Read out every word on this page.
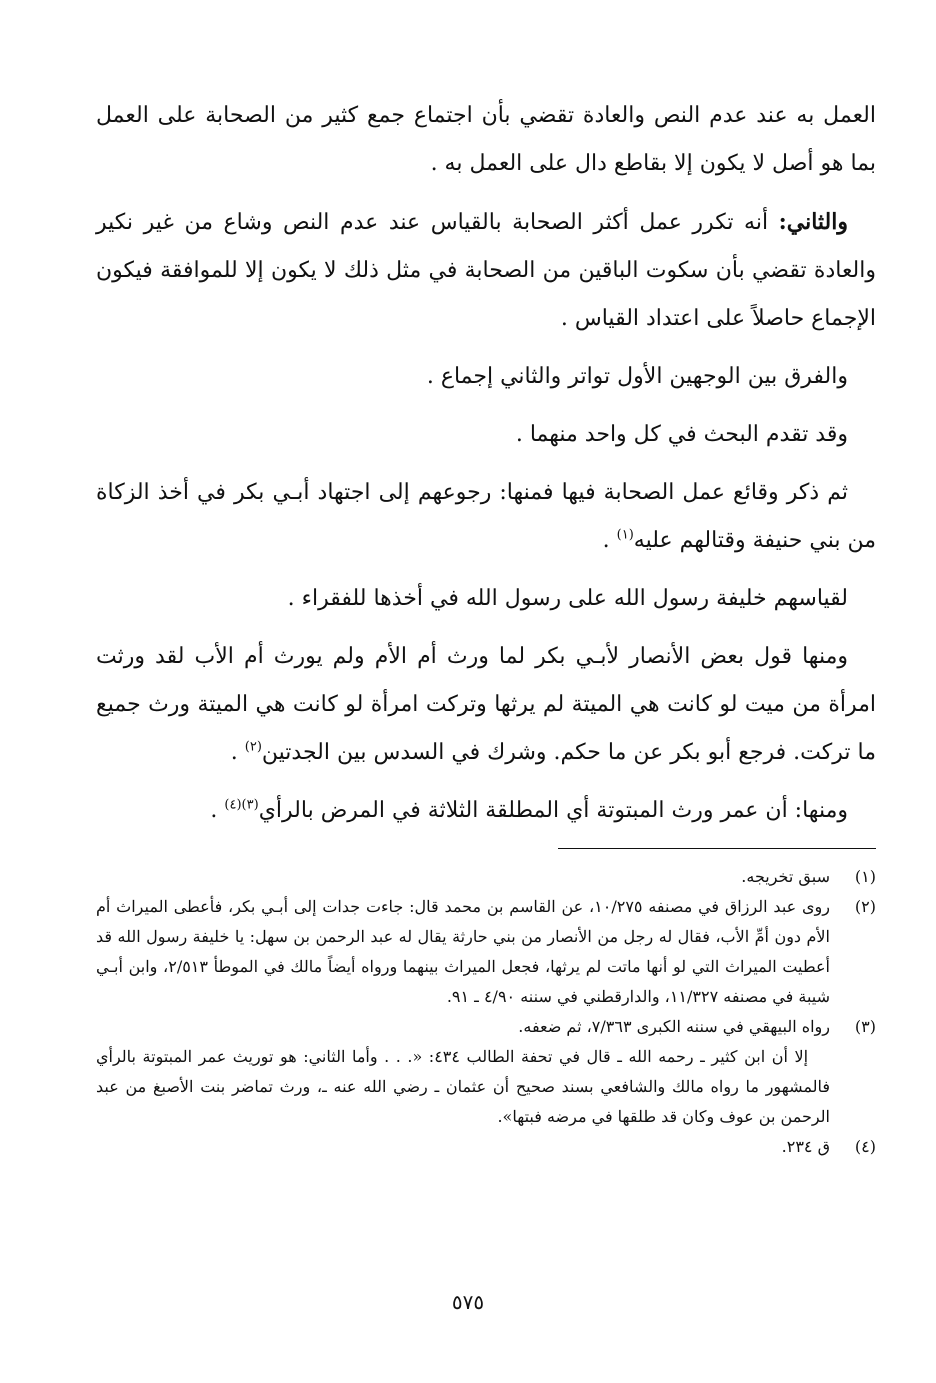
العمل به عند عدم النص والعادة تقضي بأن اجتماع جمع كثير من الصحابة على العمل بما هو أصل لا يكون إلا بقاطع دال على العمل به .

والثاني: أنه تكرر عمل أكثر الصحابة بالقياس عند عدم النص وشاع من غير نكير والعادة تقضي بأن سكوت الباقين من الصحابة في مثل ذلك لا يكون إلا للموافقة فيكون الإجماع حاصلاً على اعتداد القياس .

والفرق بين الوجهين الأول تواتر والثاني إجماع .

وقد تقدم البحث في كل واحد منهما .

ثم ذكر وقائع عمل الصحابة فيها فمنها: رجوعهم إلى اجتهاد أبـي بكر في أخذ الزكاة من بني حنيفة وقتالهم عليه$^{(١)}$ .

لقياسهم خليفة رسول الله على رسول الله في أخذها للفقراء .

ومنها قول بعض الأنصار لأبـي بكر لما ورث أم الأم ولم يورث أم الأب لقد ورثت امرأة من ميت لو كانت هي الميتة لم يرثها وتركت امرأة لو كانت هي الميتة ورث جميع ما تركت. فرجع أبو بكر عن ما حكم. وشرك في السدس بين الجدتين$^{(٢)}$ .

ومنها: أن عمر ورث المبتوتة أي المطلقة الثلاثة في المرض بالرأي$^{(٣)(٤)}$ .

(١)
سبق تخريجه.
(٢)
روى عبد الرزاق في مصنفه ١٠/٢٧٥، عن القاسم بن محمد قال: جاءت جدات إلى أبـي بكر، فأعطى الميراث أم الأم دون أمِّ الأب، فقال له رجل من الأنصار من بني حارثة يقال له عبد الرحمن بن سهل: يا خليفة رسول الله قد أعطيت الميراث التي لو أنها ماتت لم يرثها، فجعل الميراث بينهما ورواه أيضاً مالك في الموطأ ٢/٥١٣، وابن أبـي شيبة في مصنفه ١١/٣٢٧، والدارقطني في سننه ٤/٩٠ ـ ٩١.
(٣)
رواه البيهقي في سننه الكبرى ٧/٣٦٣، ثم ضعفه.

إلا أن ابن كثير ـ رحمه الله ـ قال في تحفة الطالب ٤٣٤: «. . . وأما الثاني: هو توريث عمر المبتوتة بالرأي فالمشهور ما رواه مالك والشافعي بسند صحيح أن عثمان ـ رضي الله عنه ـ، ورث تماضر بنت الأصبغ من عبد الرحمن بن عوف وكان قد طلقها في مرضه فبتها».

(٤)
ق ٢٣٤.
٥٧٥
